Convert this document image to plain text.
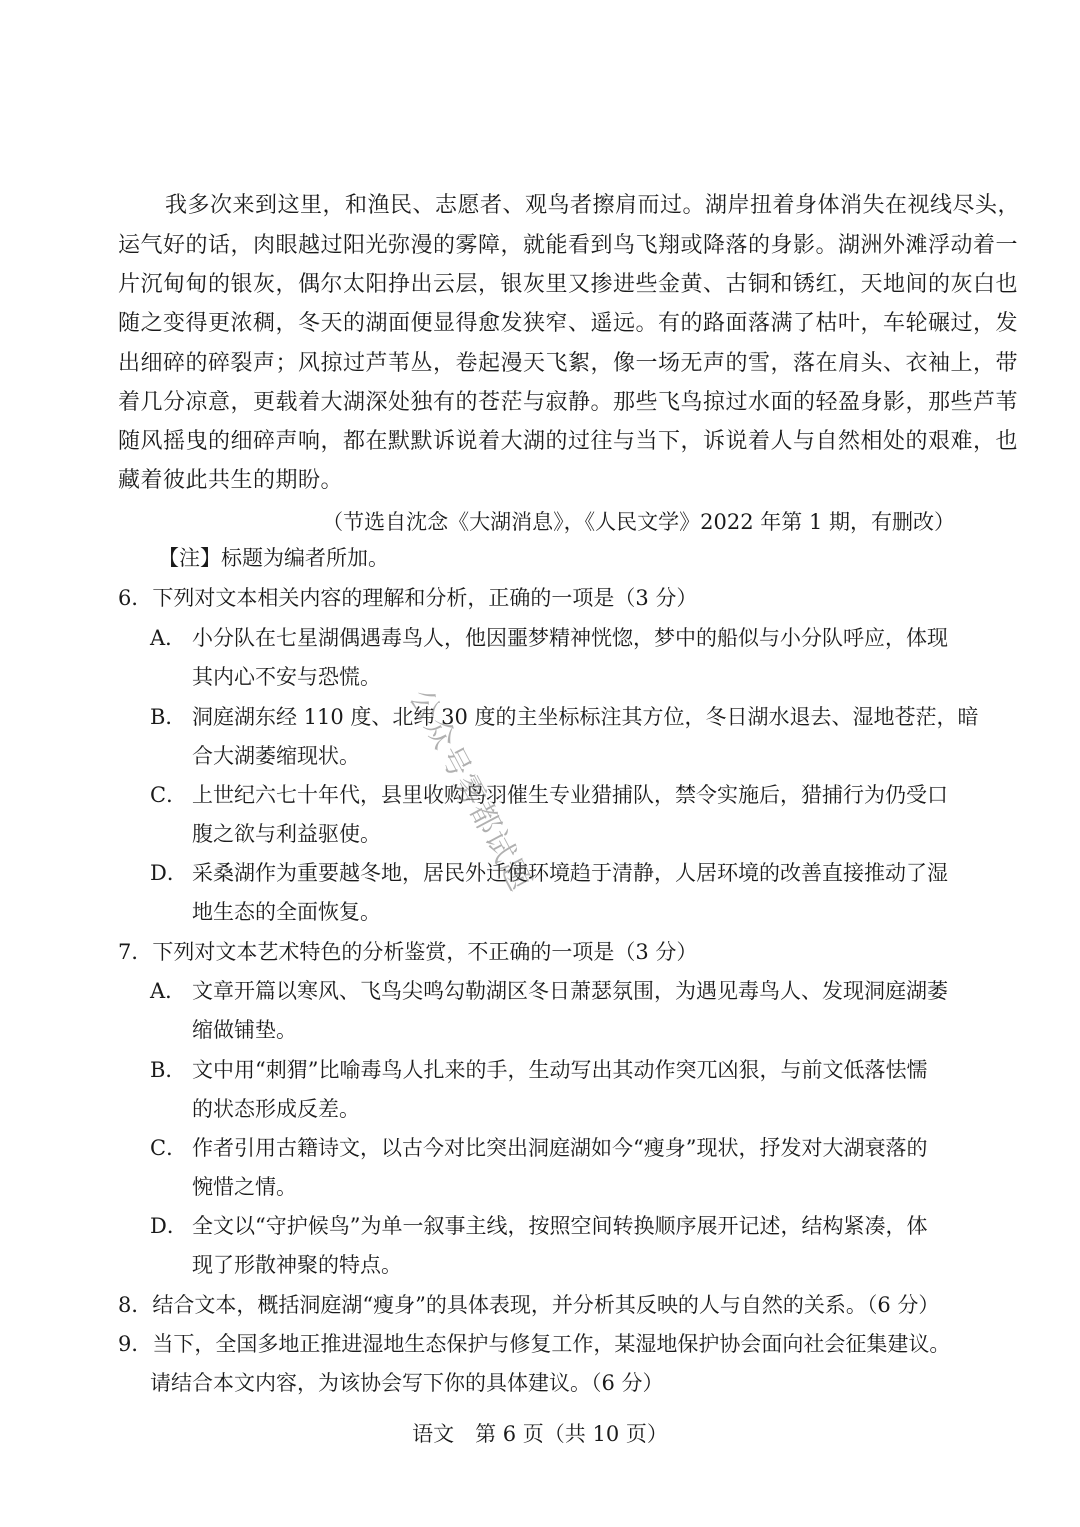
我多次来到这里，和渔民、志愿者、观鸟者擦肩而过。湖岸扭着身体消失在视线尽头，
运气好的话，肉眼越过阳光弥漫的雾障，就能看到鸟飞翔或降落的身影。湖洲外滩浮动着一
片沉甸甸的银灰，偶尔太阳挣出云层，银灰里又掺进些金黄、古铜和锈红，天地间的灰白也
随之变得更浓稠，冬天的湖面便显得愈发狭窄、遥远。有的路面落满了枯叶，车轮碾过，发
出细碎的碎裂声；风掠过芦苇丛，卷起漫天飞絮，像一场无声的雪，落在肩头、衣袖上，带
着几分凉意，更载着大湖深处独有的苍茫与寂静。那些飞鸟掠过水面的轻盈身影，那些芦苇
随风摇曳的细碎声响，都在默默诉说着大湖的过往与当下，诉说着人与自然相处的艰难，也
藏着彼此共生的期盼。
（节选自沈念《大湖消息》，《人民文学》2022 年第 1 期，有删改）
【注】标题为编者所加。
6．下列对文本相关内容的理解和分析，正确的一项是（3 分）
A． 小分队在七星湖偶遇毒鸟人，他因噩梦精神恍惚，梦中的船似与小分队呼应，体现
其内心不安与恐慌。
B． 洞庭湖东经 110 度、北纬 30 度的主坐标标注其方位，冬日湖水退去、湿地苍茫，暗
合大湖萎缩现状。
C． 上世纪六七十年代，县里收购鸟羽催生专业猎捕队，禁令实施后，猎捕行为仍受口
腹之欲与利益驱使。
D． 采桑湖作为重要越冬地，居民外迁使环境趋于清静，人居环境的改善直接推动了湿
地生态的全面恢复。
7．下列对文本艺术特色的分析鉴赏，不正确的一项是（3 分）
A． 文章开篇以寒风、飞鸟尖鸣勾勒湖区冬日萧瑟氛围，为遇见毒鸟人、发现洞庭湖萎
缩做铺垫。
B． 文中用“刺猬”比喻毒鸟人扎来的手，生动写出其动作突兀凶狠，与前文低落怯懦
的状态形成反差。
C． 作者引用古籍诗文，以古今对比突出洞庭湖如今“瘦身”现状，抒发对大湖衰落的
惋惜之情。
D． 全文以“守护候鸟”为单一叙事主线，按照空间转换顺序展开记述，结构紧凑，体
现了形散神聚的特点。
8．结合文本，概括洞庭湖“瘦身”的具体表现，并分析其反映的人与自然的关系。（6 分）
9．当下，全国多地正推进湿地生态保护与修复工作，某湿地保护协会面向社会征集建议。
请结合本文内容，为该协会写下你的具体建议。（6 分）
语文　第 6 页（共 10 页）
公众号雾都试题
